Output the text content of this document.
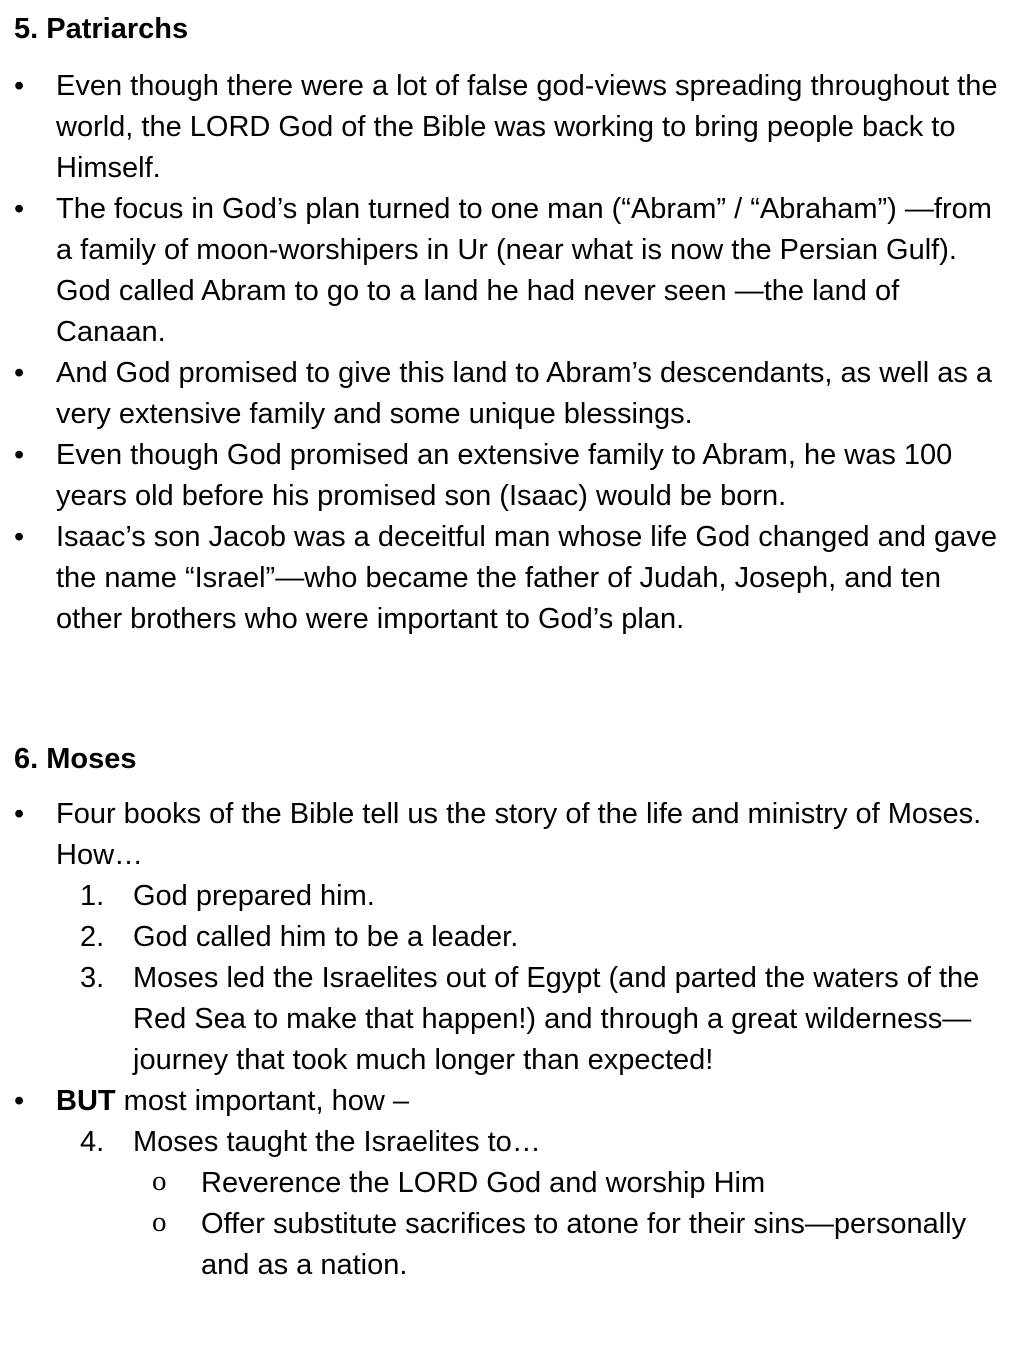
5. Patriarchs
•	Even though there were a lot of false god-views spreading throughout the world, the LORD God of the Bible was working to bring people back to Himself.
•	The focus in God’s plan turned to one man (“Abram” / “Abraham”) —from a family of moon-worshipers in Ur (near what is now the Persian Gulf). God called Abram to go to a land he had never seen —the land of Canaan.
•	And God promised to give this land to Abram’s descendants, as well as a very extensive family and some unique blessings.
•	Even though God promised an extensive family to Abram, he was 100 years old before his promised son (Isaac) would be born.
•	Isaac’s son Jacob was a deceitful man whose life God changed and gave the name “Israel”—who became the father of Judah, Joseph, and ten other brothers who were important to God’s plan.
6. Moses
•	Four books of the Bible tell us the story of the life and ministry of Moses. How…
1. God prepared him.
2. God called him to be a leader.
3. Moses led the Israelites out of Egypt (and parted the waters of the Red Sea to make that happen!) and through a great wilderness—journey that took much longer than expected!
•	BUT most important, how –
4. Moses taught the Israelites to…
o	Reverence the LORD God and worship Him
o	Offer substitute sacrifices to atone for their sins—personally and as a nation.
